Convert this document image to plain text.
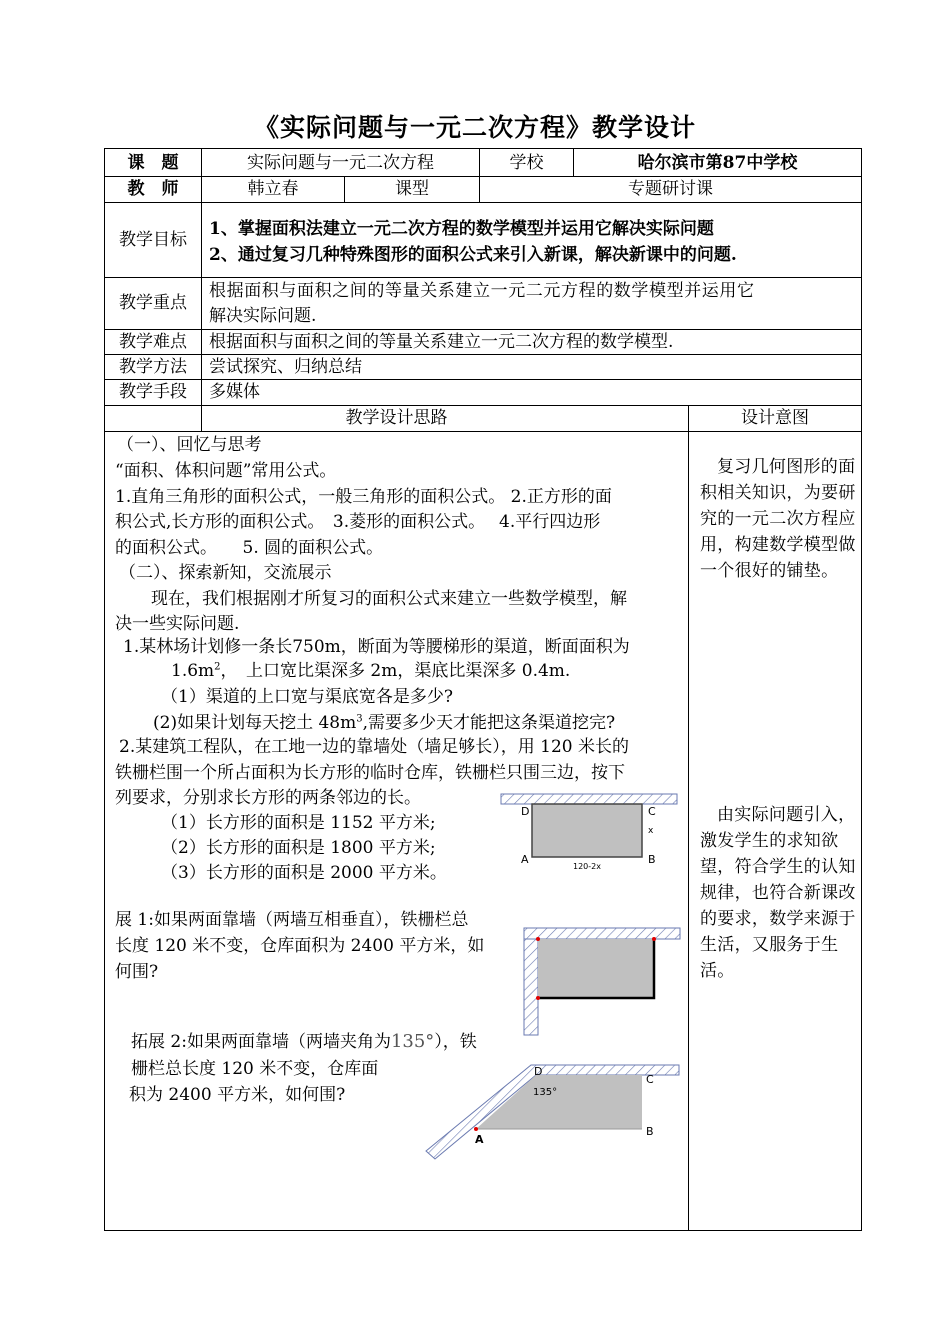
《实际问题与一元二次方程》教学设计
课　题	实际问题与一元二次方程	学校	哈尔滨市第87中学校
教　师	韩立春	课型	专题研讨课
教学目标
1、掌握面积法建立一元二次方程的数学模型并运用它解决实际问题
2、通过复习几种特殊图形的面积公式来引入新课，解决新课中的问题.
教学重点
根据面积与面积之间的等量关系建立一元二元方程的数学模型并运用它
解决实际问题.
教学难点	根据面积与面积之间的等量关系建立一元二次方程的数学模型.
教学方法	尝试探究、归纳总结
教学手段	多媒体
教学设计思路	设计意图
（一）、回忆与思考
“面积、体积问题”常用公式。
1.直角三角形的面积公式，一般三角形的面积公式。 2.正方形的面
积公式,长方形的面积公式。　3.菱形的面积公式。　 4.平行四边形
的面积公式。　　5. 圆的面积公式。
（二）、探索新知，交流展示
现在，我们根据刚才所复习的面积公式来建立一些数学模型，解
决一些实际问题.
1.某林场计划修一条长750m，断面为等腰梯形的渠道，断面面积为
$1.6m^2$，　上口宽比渠深多 2m，渠底比渠深多 0.4m.
（1）渠道的上口宽与渠底宽各是多少?
(2)如果计划每天挖土 $48m^3$,需要多少天才能把这条渠道挖完?
2.某建筑工程队，在工地一边的靠墙处（墙足够长），用 120 米长的
铁栅栏围一个所占面积为长方形的临时仓库，铁栅栏只围三边，按下
列要求，分别求长方形的两条邻边的长。
（1）长方形的面积是 1152 平方米;
（2）长方形的面积是 1800 平方米;
（3）长方形的面积是 2000 平方米。
展 1:如果两面靠墙（两墙互相垂直），铁栅栏总
长度 120 米不变，仓库面积为 2400 平方米，如
何围?
拓展 2:如果两面靠墙（两墙夹角为135°），铁
栅栏总长度 120 米不变，仓库面
积为 2400 平方米，如何围?
复习几何图形的面积相关知识，为要研究的一元二次方程应用，构建数学模型做一个很好的铺垫。
由实际问题引入，激发学生的求知欲望，符合学生的认知规律，也符合新课改的要求，数学来源于生活，又服务于生活。
D	C
x
A	B
120-2x
D
135°
C
A
B
